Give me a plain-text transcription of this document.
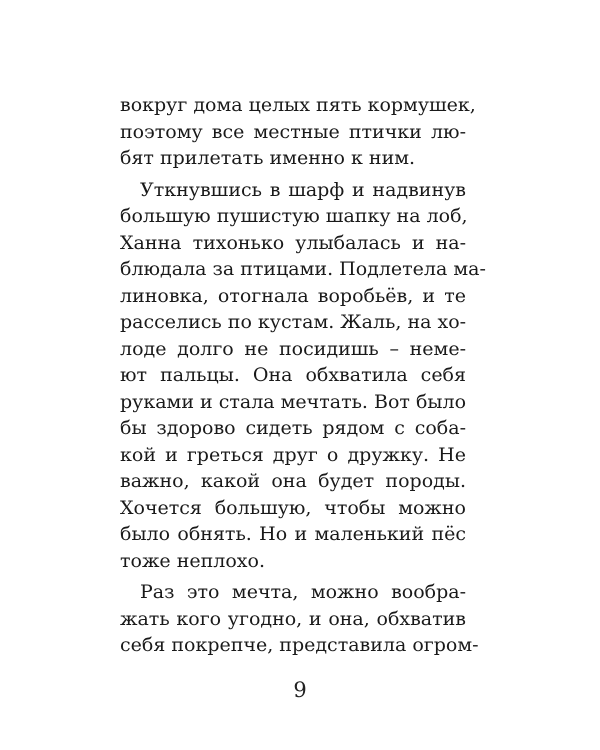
вокруг дома целых пять кормушек,
поэтому все местные птички лю-
бят прилетать именно к ним.
Уткнувшись в шарф и надвинув
большую пушистую шапку на лоб,
Ханна тихонько улыбалась и на-
блюдала за птицами. Подлетела ма-
линовка, отогнала воробьёв, и те
расселись по кустам. Жаль, на хо-
лоде долго не посидишь – неме-
ют пальцы. Она обхватила себя
руками и стала мечтать. Вот было
бы здорово сидеть рядом с соба-
кой и греться друг о дружку. Не
важно, какой она будет породы.
Хочется большую, чтобы можно
было обнять. Но и маленький пёс
тоже неплохо.
Раз это мечта, можно вообра-
жать кого угодно, и она, обхватив
себя покрепче, представила огром-
9
